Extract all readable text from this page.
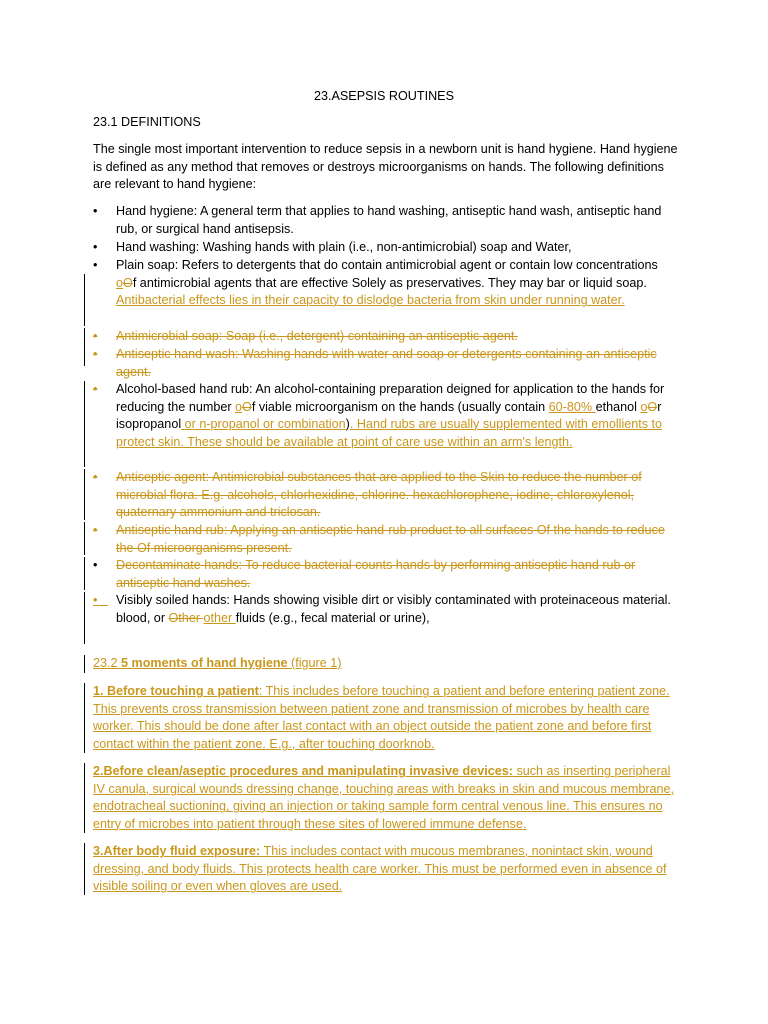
23.ASEPSIS ROUTINES

23.1 DEFINITIONS

The single most important intervention to reduce sepsis in a newborn unit is hand hygiene. Hand hygiene is defined as any method that removes or destroys microorganisms on hands. The following definitions are relevant to hand hygiene:

•	Hand hygiene: A general term that applies to hand washing, antiseptic hand wash, antiseptic hand rub, or surgical hand antisepsis.

•	Hand washing: Washing hands with plain (i.e., non-antimicrobial) soap and Water,

•	Plain soap: Refers to detergents that do contain antimicrobial agent or contain low concentrations oOf antimicrobial agents that are effective Solely as preservatives. They may bar or liquid soap. Antibacterial effects lies in their capacity to dislodge bacteria from skin under running water.

•	Antimicrobial soap: Soap (i.e., detergent) containing an antiseptic agent.

•	Antiseptic hand wash: Washing hands with water and soap or detergents containing an antiseptic agent.

•	Alcohol-based hand rub: An alcohol-containing preparation deigned for application to the hands for reducing the number oOf viable microorganism on the hands (usually contain 60-80% ethanol oOr isopropanol or n-propanol or combination). Hand rubs are usually supplemented with emollients to protect skin. These should be available at point of care use within an arm's length.

•	Antiseptic agent: Antimicrobial substances that are applied to the Skin to reduce the number of microbial flora. E.g. alcohols, chlorhexidine, chlorine. hexachlorophene, iodine, chloroxylenol, quaternary ammonium and triclosan.

•	Antiseptic hand rub: Applying an antiseptic hand-rub product to all surfaces Of the hands to reduce the Of microorganisms present.

•	Decontaminate hands: To reduce bacterial counts hands by performing antiseptic hand rub or antiseptic hand washes.

• Visibly soiled hands: Hands showing visible dirt or visibly contaminated with proteinaceous material. blood, or Other other fluids (e.g., fecal material or urine),

23.2 5 moments of hand hygiene (figure 1)

1. Before touching a patient: This includes before touching a patient and before entering patient zone. This prevents cross transmission between patient zone and transmission of microbes by health care worker. This should be done after last contact with an object outside the patient zone and before first contact within the patient zone. E.g., after touching doorknob.

2.Before clean/aseptic procedures and manipulating invasive devices: such as inserting peripheral IV canula, surgical wounds dressing change, touching areas with breaks in skin and mucous membrane, endotracheal suctioning, giving an injection or taking sample form central venous line. This ensures no entry of microbes into patient through these sites of lowered immune defense.

3.After body fluid exposure: This includes contact with mucous membranes, nonintact skin, wound dressing, and body fluids. This protects health care worker. This must be performed even in absence of visible soiling or even when gloves are used.
